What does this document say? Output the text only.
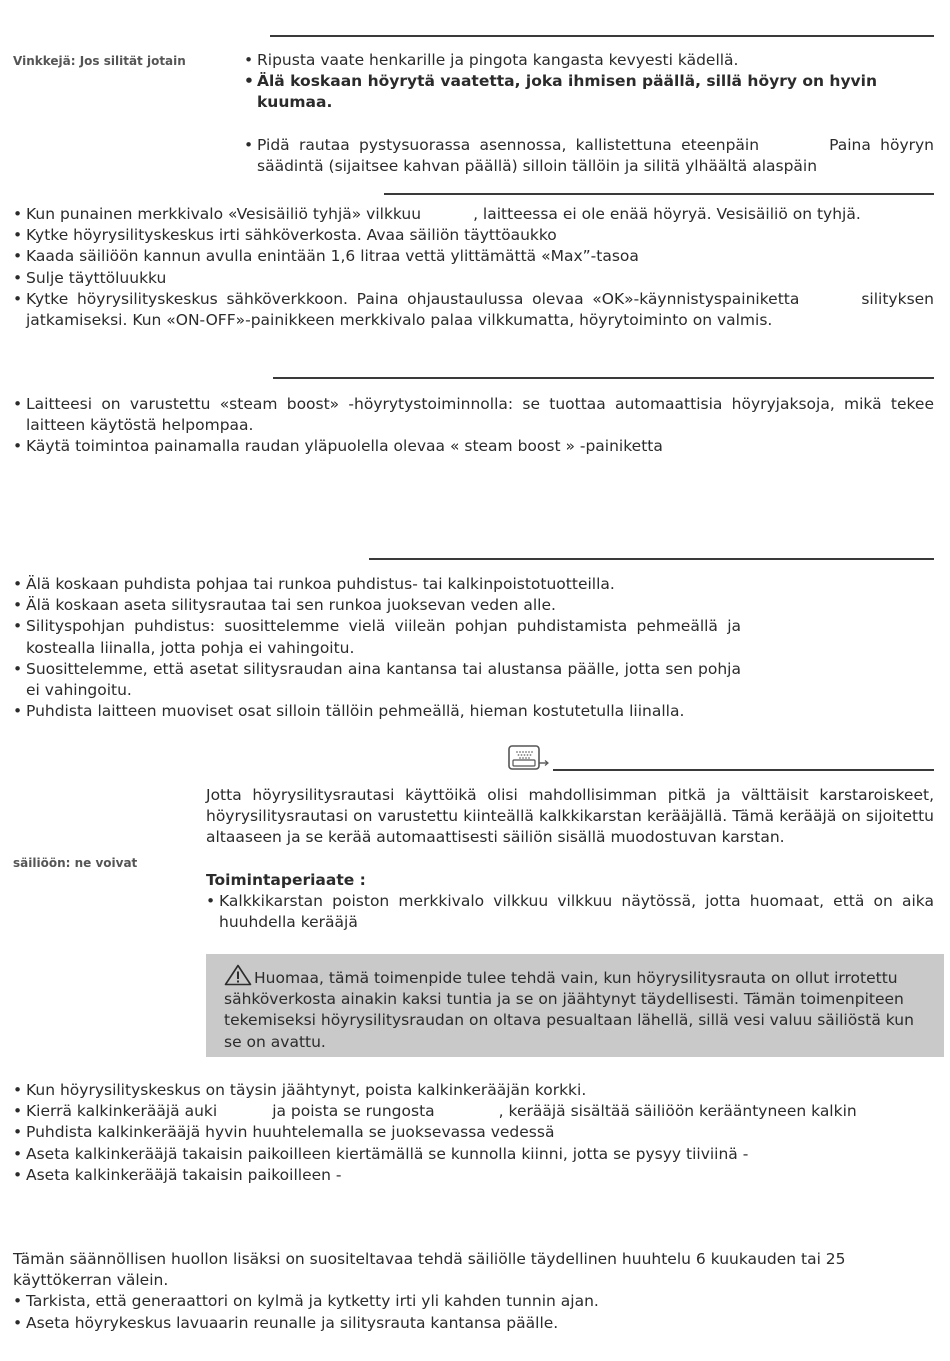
Vinkkejä: Jos silität jotain

•	Ripusta vaate henkarille ja pingota kangasta kevyesti kädellä.

• Älä koskaan höyrytä vaatetta, joka ihmisen päällä, sillä höyry on hyvin kuumaa.

• Pidä rautaa pystysuorassa asennossa, kallistettuna eteenpäin	Paina höyryn säädintä (sijaitsee kahvan päällä) silloin tällöin ja silitä ylhäältä alaspäin

• Kun punainen merkkivalo «Vesisäiliö tyhjä» vilkkuu	, laitteessa ei ole enää höyryä. Vesisäiliö on tyhjä.

• Kytke höyrysilityskeskus irti sähköverkosta. Avaa säiliön täyttöaukko

• Kaada säiliöön kannun avulla enintään 1,6 litraa vettä ylittämättä «Max”-tasoa

• Sulje täyttöluukku

• Kytke höyrysilityskeskus sähköverkkoon. Paina ohjaustaulussa olevaa «OK»-käynnistyspainiketta	silityksen jatkamiseksi. Kun «ON-OFF»-painikkeen merkkivalo palaa vilkkumatta, höyrytoiminto on valmis.

• Laitteesi on varustettu «steam boost» -höyrytystoiminnolla: se tuottaa automaattisia höyryjaksoja, mikä tekee laitteen käytöstä helpompaa.

• Käytä toimintoa painamalla raudan yläpuolella olevaa « steam boost » -painiketta

• Älä koskaan puhdista pohjaa tai runkoa puhdistus- tai kalkinpoistotuotteilla.

• Älä koskaan aseta silitysrautaa tai sen runkoa juoksevan veden alle.

• Silityspohjan puhdistus: suosittelemme vielä viileän pohjan puhdistamista pehmeällä ja kostealla liinalla, jotta pohja ei vahingoitu.

• Suosittelemme, että asetat silitysraudan aina kantansa tai alustansa päälle, jotta sen pohja ei vahingoitu.

• Puhdista laitteen muoviset osat silloin tällöin pehmeällä, hieman kostutetulla liinalla.

säiliöön: ne voivat

Jotta höyrysilitysrautasi käyttöikä olisi mahdollisimman pitkä ja välttäisit karstaroiskeet, höyrysilitysrautasi on varustettu kiinteällä kalkkikarstan kerääjällä. Tämä kerääjä on sijoitettu altaaseen ja se kerää automaattisesti säiliön sisällä muodostuvan karstan.

Toimintaperiaate :

• Kalkkikarstan poiston merkkivalo vilkkuu vilkkuu näytössä, jotta huomaat, että on aika huuhdella kerääjä

Huomaa, tämä toimenpide tulee tehdä vain, kun höyrysilitysrauta on ollut irrotettu sähköverkosta ainakin kaksi tuntia ja se on jäähtynyt täydellisesti. Tämän toimenpiteen tekemiseksi höyrysilitysraudan on oltava pesualtaan lähellä, sillä vesi valuu säiliöstä kun se on avattu.

• Kun höyrysilityskeskus on täysin jäähtynyt, poista kalkinkerääjän korkki.

• Kierrä kalkinkerääjä auki	ja poista se rungosta	, kerääjä sisältää säiliöön kerääntyneen kalkin

• Puhdista kalkinkerääjä hyvin huuhtelemalla se juoksevassa vedessä

• Aseta kalkinkerääjä takaisin paikoilleen kiertämällä se kunnolla kiinni, jotta se pysyy tiiviinä -

• Aseta kalkinkerääjä takaisin paikoilleen -

Tämän säännöllisen huollon lisäksi on suositeltavaa tehdä säiliölle täydellinen huuhtelu 6 kuukauden tai 25 käyttökerran välein.

• Tarkista, että generaattori on kylmä ja kytketty irti yli kahden tunnin ajan.

• Aseta höyrykeskus lavuaarin reunalle ja silitysrauta kantansa päälle.
